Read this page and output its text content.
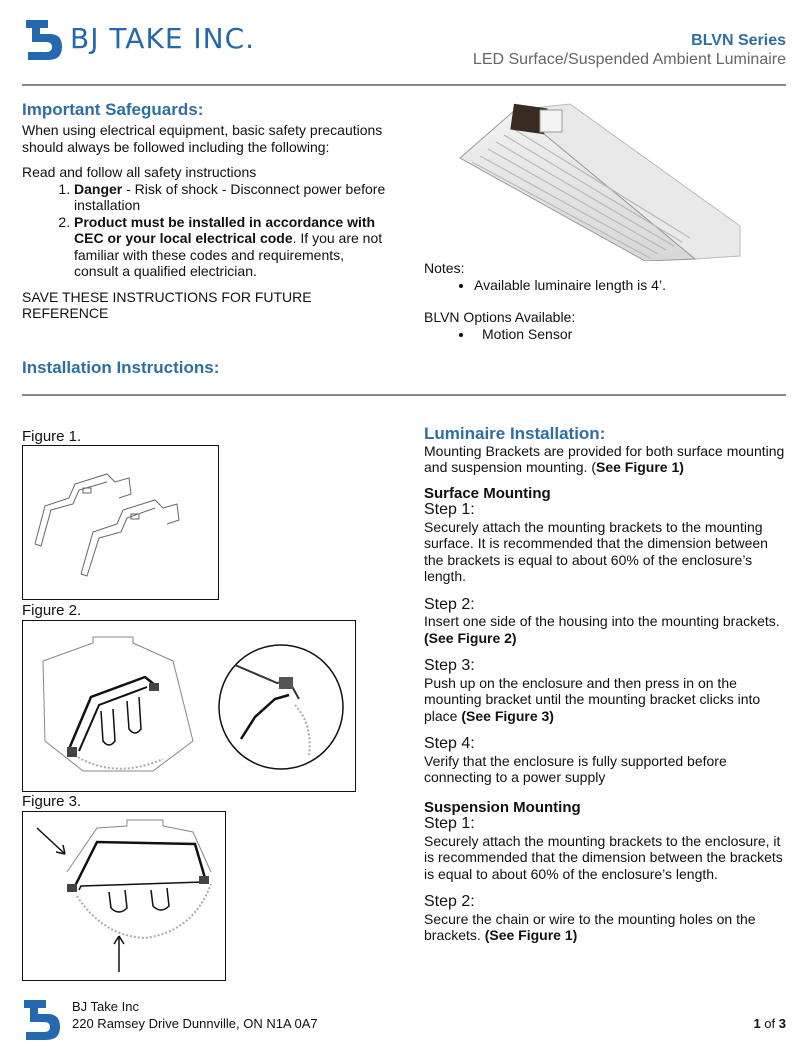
BJ TAKE INC.	BLVN Series
LED Surface/Suspended Ambient Luminaire
Important Safeguards:

When using electrical equipment, basic safety precautions should always be followed including the following:

Read and follow all safety instructions

1. Danger - Risk of shock - Disconnect power before installation
2. Product must be installed in accordance with CEC or your local electrical code. If you are not familiar with these codes and requirements, consult a qualified electrician.

SAVE THESE INSTRUCTIONS FOR FUTURE REFERENCE

Notes:

• Available luminaire length is 4’.

BLVN Options Available:

• Motion Sensor
Installation Instructions:
Figure 1.
Figure 2.
Figure 3.
Luminaire Installation:

Mounting Brackets are provided for both surface mounting and suspension mounting. (See Figure 1)

Surface Mounting
Step 1:

Securely attach the mounting brackets to the mounting surface. It is recommended that the dimension between the brackets is equal to about 60% of the enclosure’s length.

Step 2:

Insert one side of the housing into the mounting brackets. (See Figure 2)

Step 3:

Push up on the enclosure and then press in on the mounting bracket until the mounting bracket clicks into place (See Figure 3)

Step 4:

Verify that the enclosure is fully supported before connecting to a power supply

Suspension Mounting
Step 1:

Securely attach the mounting brackets to the enclosure, it is recommended that the dimension between the brackets is equal to about 60% of the enclosure’s length.

Step 2:

Secure the chain or wire to the mounting holes on the brackets. (See Figure 1)

BJ Take Inc
220 Ramsey Drive Dunnville, ON N1A 0A7	1 of 3
